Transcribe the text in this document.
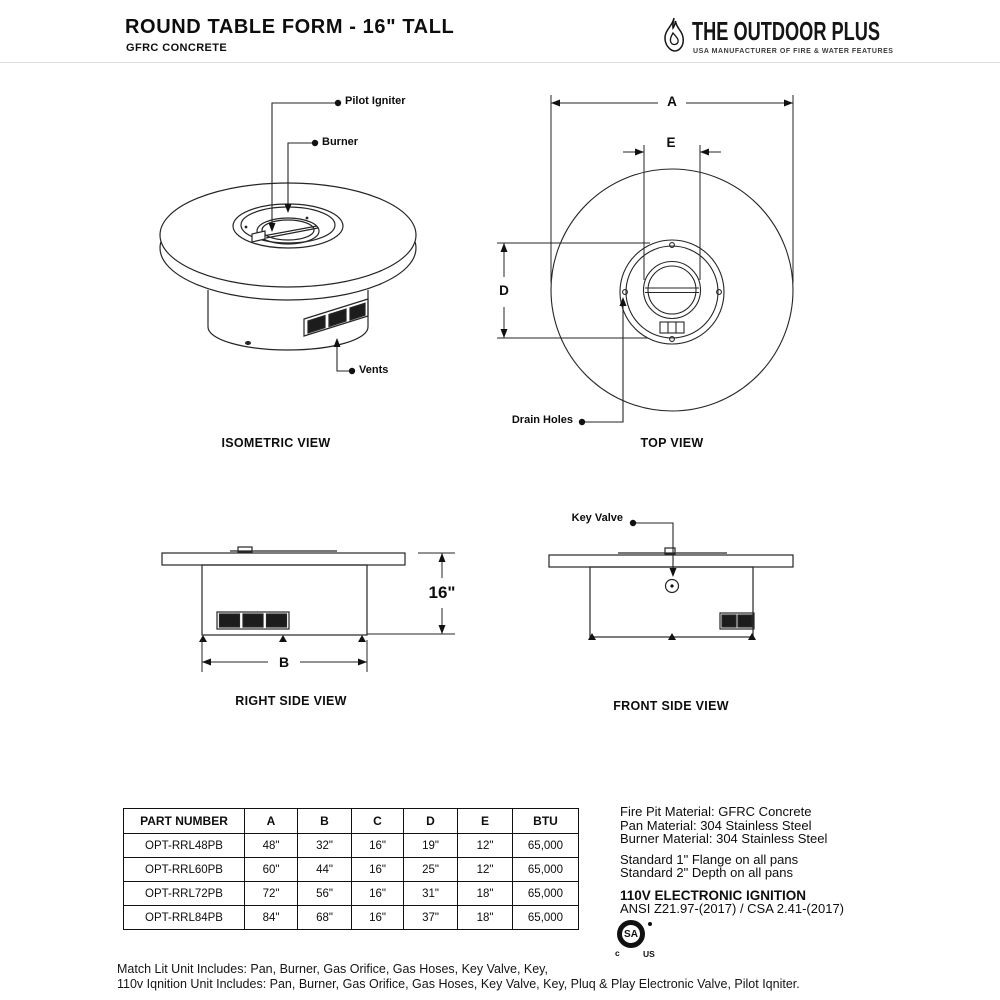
ROUND TABLE FORM - 16" TALL
GFRC CONCRETE
THE OUTDOOR PLUS
USA MANUFACTURER OF FIRE & WATER FEATURES
Pilot Igniter
Burner
Vents
ISOMETRIC VIEW
A
E
D
Drain Holes
TOP VIEW
B
16"
RIGHT SIDE VIEW
Key Valve
FRONT SIDE VIEW
PART NUMBER	A	B	C	D	E	BTU
OPT-RRL48PB	48"	32"	16"	19"	12"	65,000
OPT-RRL60PB	60"	44"	16"	25"	12"	65,000
OPT-RRL72PB	72"	56"	16"	31"	18"	65,000
OPT-RRL84PB	84"	68"	16"	37"	18"	65,000
Fire Pit Material: GFRC Concrete
Pan Material: 304 Stainless Steel
Burner Material: 304 Stainless Steel
Standard 1" Flange on all pans
Standard 2" Depth on all pans
110V ELECTRONIC IGNITION
ANSI Z21.97-(2017) / CSA 2.41-(2017)
SA
c	US
Match Lit Unit Includes: Pan, Burner, Gas Orifice, Gas Hoses, Key Valve, Key,
110v Iqnition Unit Includes: Pan, Burner, Gas Orifice, Gas Hoses, Key Valve, Key, Pluq & Play Electronic Valve, Pilot Iqniter.
